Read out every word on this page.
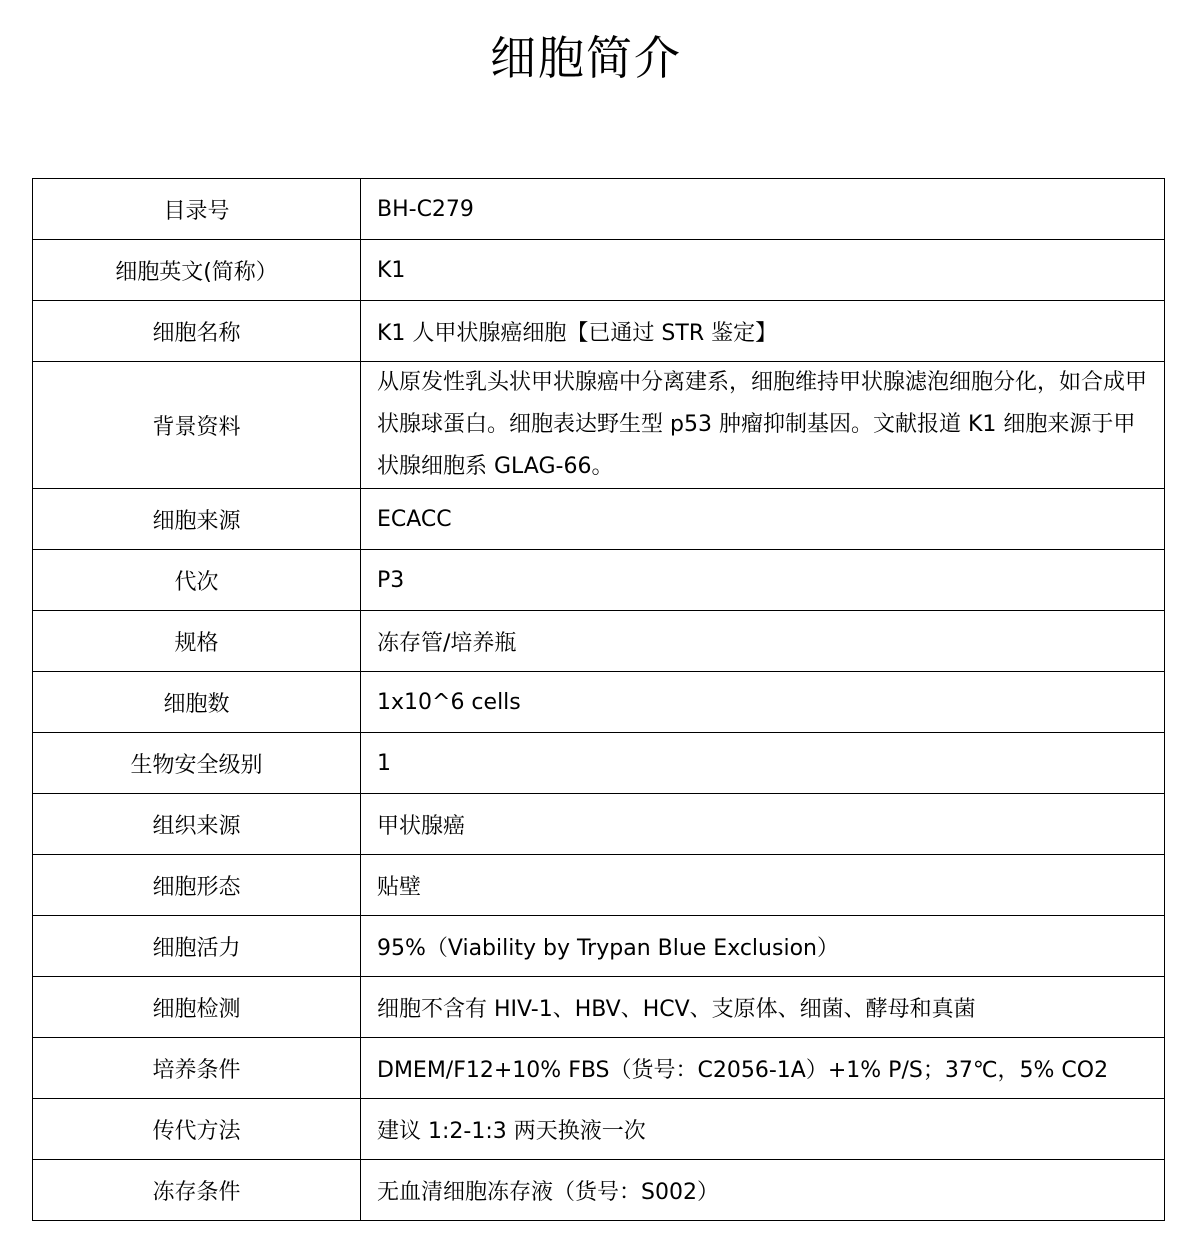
细胞简介
目录号	BH-C279
细胞英文(简称）	K1
细胞名称	K1 人甲状腺癌细胞【已通过 STR 鉴定】
背景资料	从原发性乳头状甲状腺癌中分离建系，细胞维持甲状腺滤泡细胞分化，如合成甲状腺球蛋白。细胞表达野生型 p53 肿瘤抑制基因。文献报道 K1 细胞来源于甲状腺细胞系 GLAG-66。
细胞来源	ECACC
代次	P3
规格	冻存管/培养瓶
细胞数	1x10^6 cells
生物安全级别	1
组织来源	甲状腺癌
细胞形态	贴壁
细胞活力	95%（Viability by Trypan Blue Exclusion）
细胞检测	细胞不含有 HIV-1、HBV、HCV、支原体、细菌、酵母和真菌
培养条件	DMEM/F12+10% FBS（货号：C2056-1A）+1% P/S；37℃，5% CO2
传代方法	建议 1:2-1:3 两天换液一次
冻存条件	无血清细胞冻存液（货号：S002）
